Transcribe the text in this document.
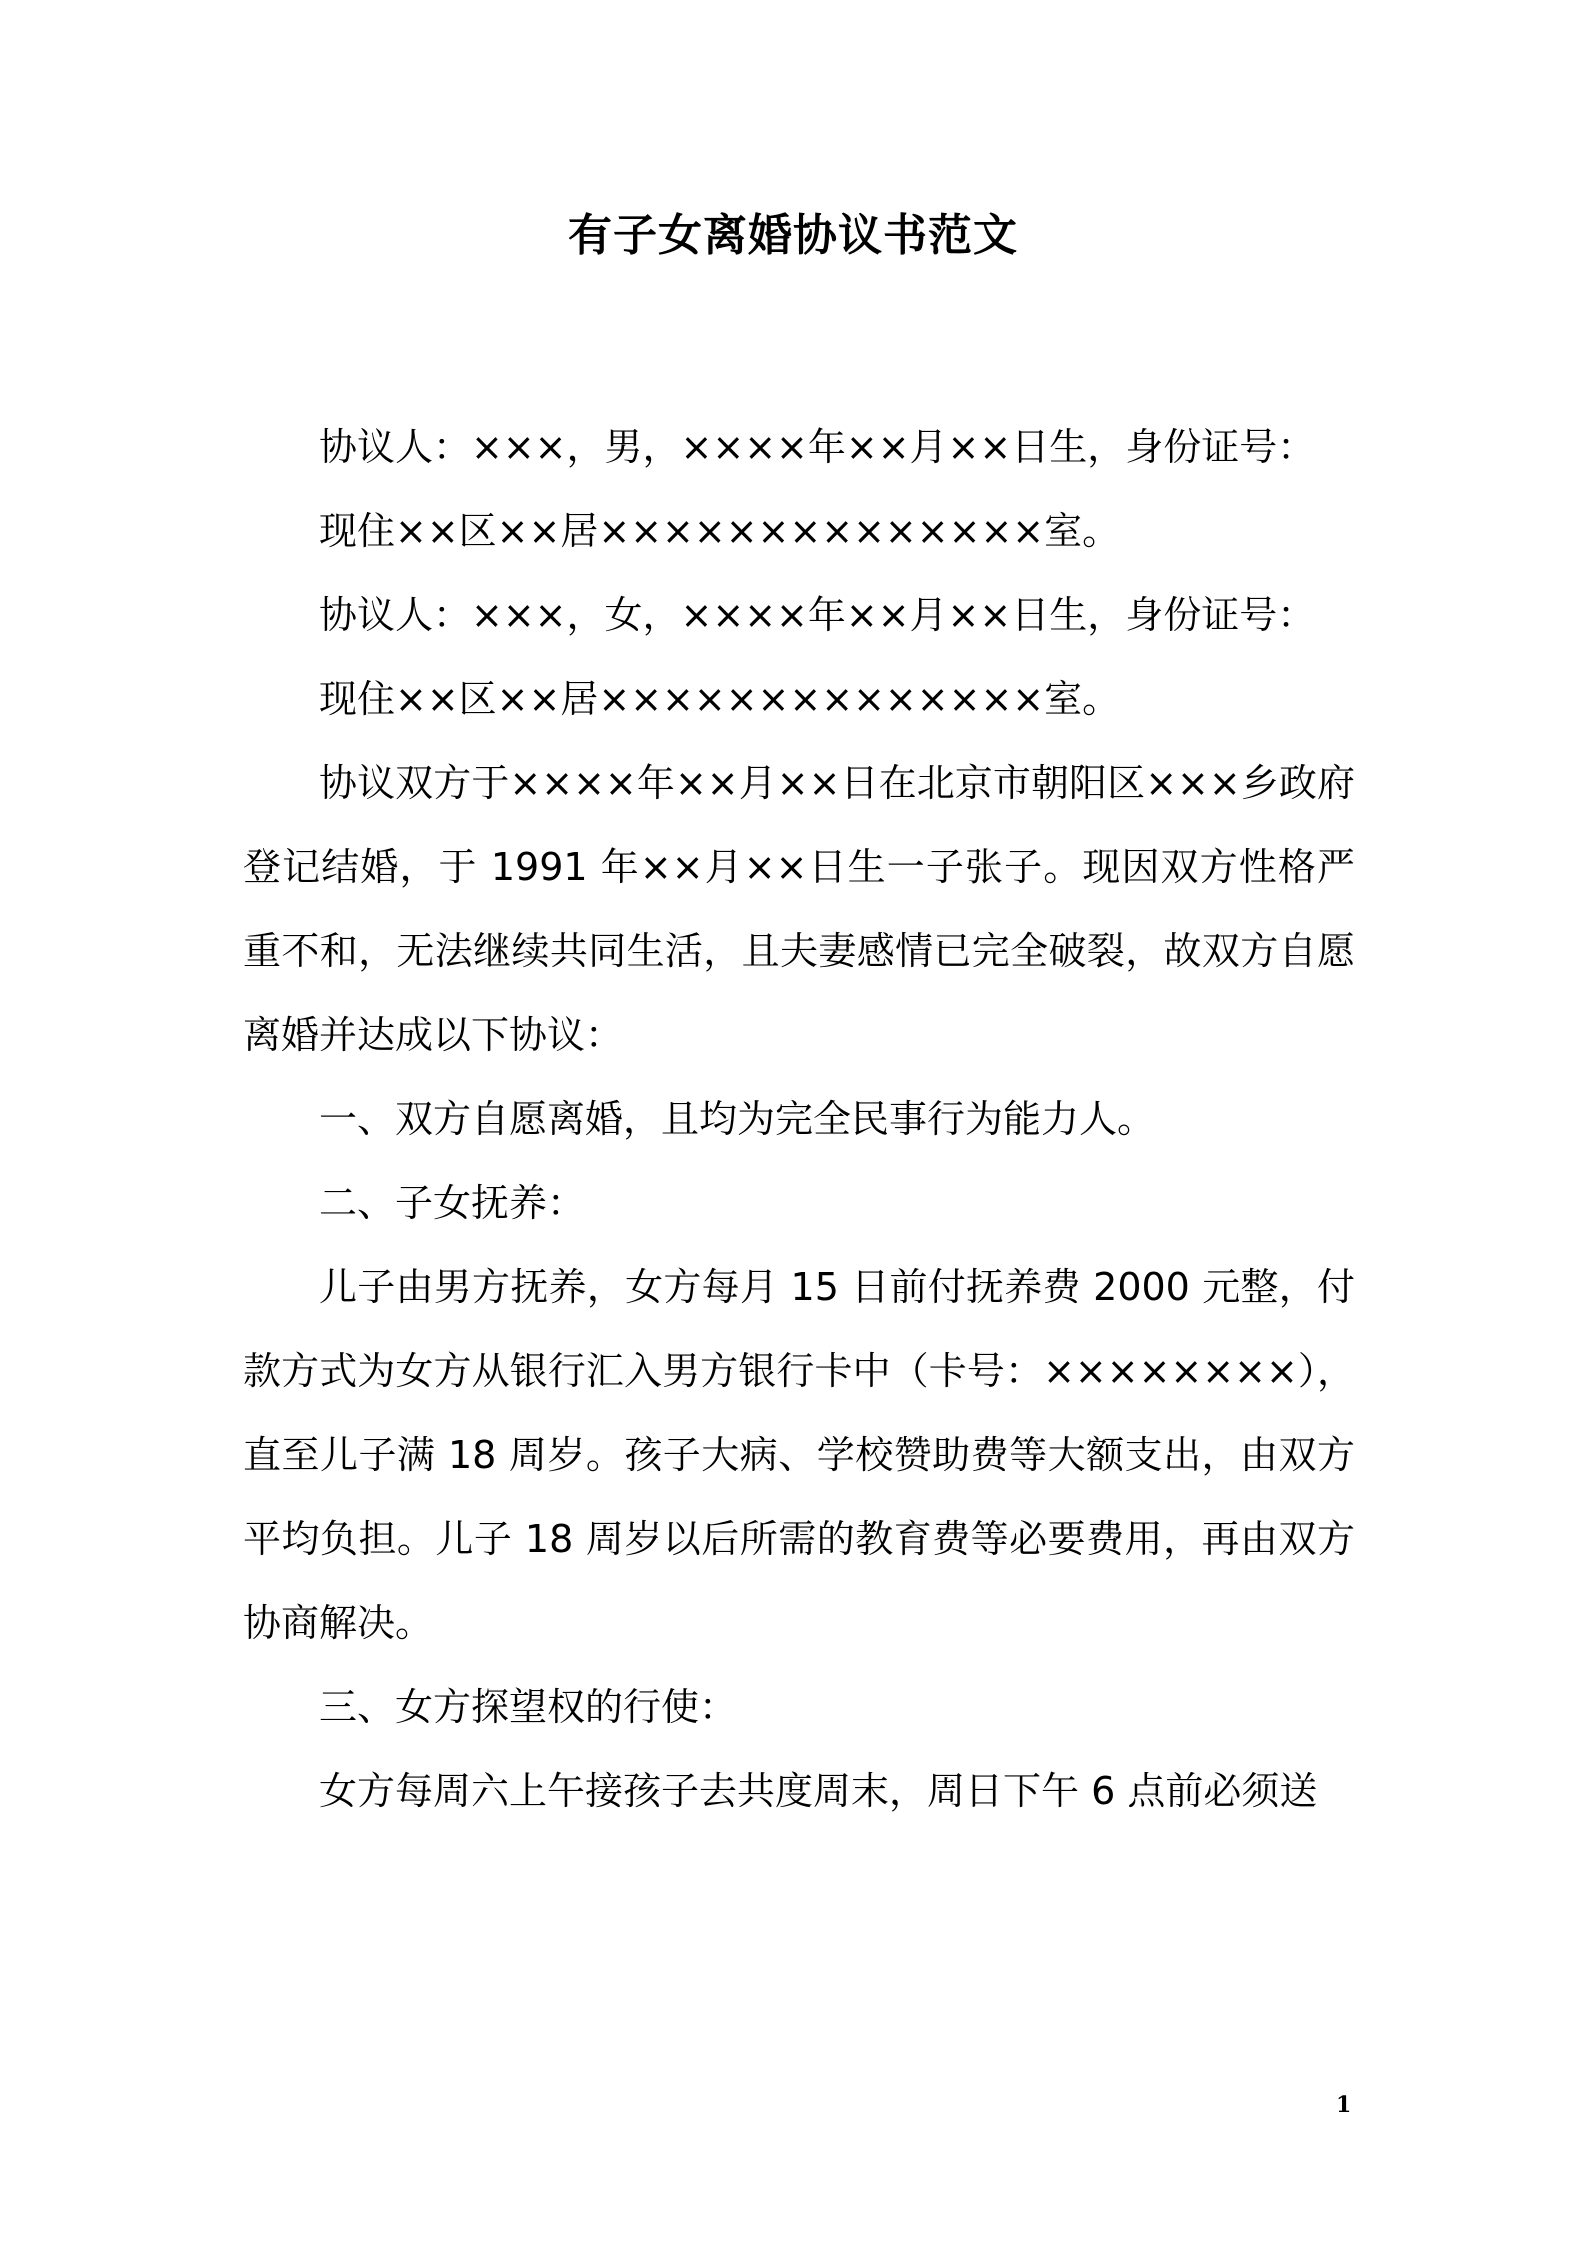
有子女离婚协议书范文

协议人：×××，男，××××年××月××日生，身份证号：

现住××区××居××××××××××××××室。

协议人：×××，女，××××年××月××日生，身份证号：

现住××区××居××××××××××××××室。

协议双方于××××年××月××日在北京市朝阳区×××乡政府登记结婚，于 1991 年××月××日生一子张子。现因双方性格严重不和，无法继续共同生活，且夫妻感情已完全破裂，故双方自愿离婚并达成以下协议：

一、双方自愿离婚，且均为完全民事行为能力人。

二、子女抚养：

儿子由男方抚养，女方每月 15 日前付抚养费 2000 元整，付款方式为女方从银行汇入男方银行卡中（卡号：××××××××），直至儿子满 18 周岁。孩子大病、学校赞助费等大额支出，由双方平均负担。儿子 18 周岁以后所需的教育费等必要费用，再由双方协商解决。

三、女方探望权的行使：

女方每周六上午接孩子去共度周末，周日下午 6 点前必须送

1
